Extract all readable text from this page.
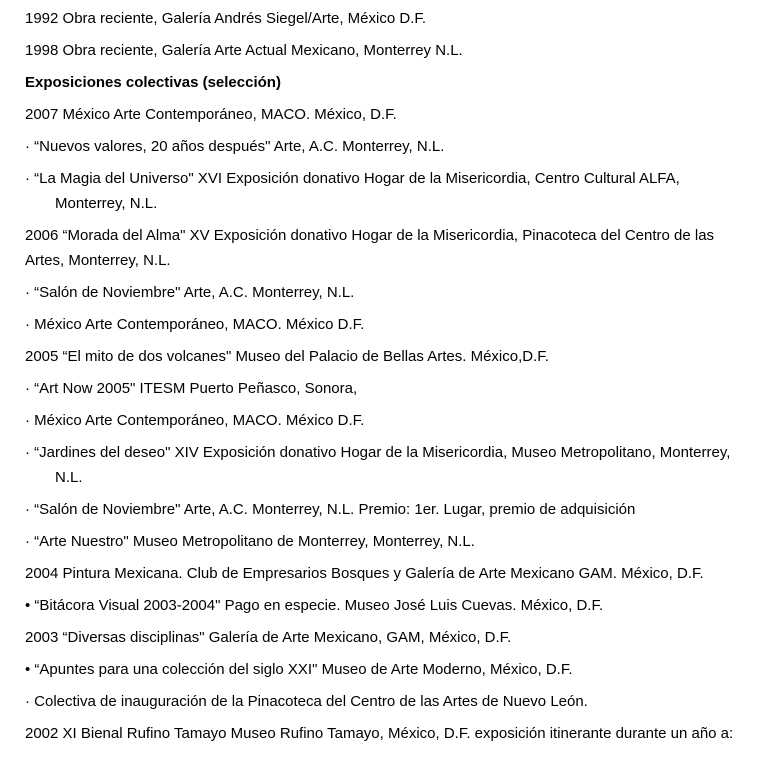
1992 Obra reciente, Galería Andrés Siegel/Arte, México D.F.

1998 Obra reciente, Galería Arte Actual Mexicano, Monterrey N.L.

Exposiciones colectivas (selección)

2007 México Arte Contemporáneo, MACO. México, D.F.

· “Nuevos valores, 20 años después" Arte, A.C. Monterrey, N.L.

· “La Magia del Universo" XVI Exposición donativo Hogar de la Misericordia, Centro Cultural ALFA, Monterrey, N.L.

2006 “Morada del Alma" XV Exposición donativo Hogar de la Misericordia, Pinacoteca del Centro de las Artes, Monterrey, N.L.

· “Salón de Noviembre" Arte, A.C. Monterrey, N.L.

· México Arte Contemporáneo, MACO. México D.F.

2005 “El mito de dos volcanes" Museo del Palacio de Bellas Artes. México,D.F.

· “Art Now 2005" ITESM Puerto Peñasco, Sonora,

· México Arte Contemporáneo, MACO. México D.F.

· “Jardines del deseo" XIV Exposición donativo Hogar de la Misericordia, Museo Metropolitano, Monterrey, N.L.

· “Salón de Noviembre" Arte, A.C. Monterrey, N.L. Premio: 1er. Lugar, premio de adquisición

· “Arte Nuestro" Museo Metropolitano de Monterrey, Monterrey, N.L.

2004 Pintura Mexicana. Club de Empresarios Bosques y Galería de Arte Mexicano GAM. México, D.F.

• “Bitácora Visual 2003-2004" Pago en especie. Museo José Luis Cuevas. México, D.F.

2003 “Diversas disciplinas" Galería de Arte Mexicano, GAM, México, D.F.

• “Apuntes para una colección del siglo XXI" Museo de Arte Moderno, México, D.F.

· Colectiva de inauguración de la Pinacoteca del Centro de las Artes de Nuevo León.

2002 XI Bienal Rufino Tamayo Museo Rufino Tamayo, México, D.F. exposición itinerante durante un año a:
